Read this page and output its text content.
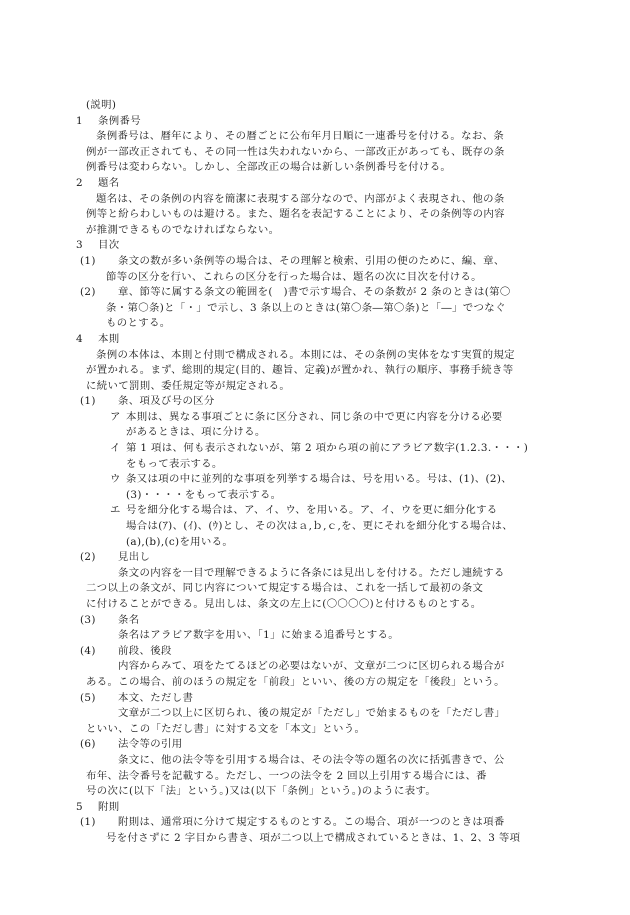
(説明)
1 条例番号
条例番号は、暦年により、その暦ごとに公布年月日順に一連番号を付ける。なお、条
例が一部改正されても、その同一性は失われないから、一部改正があっても、既存の条
例番号は変わらない。しかし、全部改正の場合は新しい条例番号を付ける。
2 題名
題名は、その条例の内容を簡潔に表現する部分なので、内部がよく表現され、他の条
例等と紛らわしいものは避ける。また、題名を表記することにより、その条例等の内容
が推測できるものでなければならない。
3 目次
(1) 条文の数が多い条例等の場合は、その理解と検索、引用の便のために、編、章、
節等の区分を行い、これらの区分を行った場合は、題名の次に目次を付ける。
(2) 章、節等に属する条文の範囲を(　)書で示す場合、その条数が 2 条のときは(第〇
条・第〇条)と「・」で示し、3 条以上のときは(第〇条―第〇条)と「―」でつなぐ
ものとする。
4 本則
条例の本体は、本則と付則で構成される。本則には、その条例の実体をなす実質的規定
が置かれる。まず、総則的規定(目的、趣旨、定義)が置かれ、執行の順序、事務手続き等
に続いて罰則、委任規定等が規定される。
(1) 条、項及び号の区分
ア 本則は、異なる事項ごとに条に区分され、同じ条の中で更に内容を分ける必要
があるときは、項に分ける。
イ 第 1 項は、何も表示されないが、第 2 項から項の前にアラビア数字(1.2.3.・・・)
をもって表示する。
ウ 条又は項の中に並列的な事項を列挙する場合は、号を用いる。号は、(1)、(2)、
(3)・・・・をもって表示する。
エ 号を細分化する場合は、ア、イ、ウ、を用いる。ア、イ、ウを更に細分化する
場合は(ｱ)、(ｲ)、(ｳ)とし、その次はａ,ｂ,ｃ,を、更にそれを細分化する場合は、
(a),(b),(c)を用いる。
(2) 見出し
条文の内容を一目で理解できるように各条には見出しを付ける。ただし連続する
二つ以上の条文が、同じ内容について規定する場合は、これを一括して最初の条文
に付けることができる。見出しは、条文の左上に(〇〇〇〇)と付けるものとする。
(3) 条名
条名はアラビア数字を用い、「1」に始まる追番号とする。
(4) 前段、後段
内容からみて、項をたてるほどの必要はないが、文章が二つに区切られる場合が
ある。この場合、前のほうの規定を「前段」といい、後の方の規定を「後段」という。
(5) 本文、ただし書
文章が二つ以上に区切られ、後の規定が「ただし」で始まるものを「ただし書」
といい、この「ただし書」に対する文を「本文」という。
(6) 法令等の引用
条文に、他の法令等を引用する場合は、その法令等の題名の次に括弧書きで、公
布年、法令番号を記載する。ただし、一つの法令を 2 回以上引用する場合には、番
号の次に(以下「法」という。)又は(以下「条例」という。)のように表す。
5 附則
(1) 附則は、通常項に分けて規定するものとする。この場合、項が一つのときは項番
号を付さずに 2 字目から書き、項が二つ以上で構成されているときは、1、2、3 等項
